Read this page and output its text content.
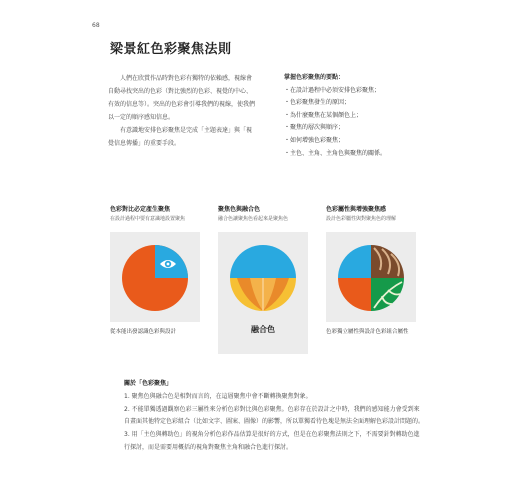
68
梁景紅色彩聚焦法則

人們在欣賞作品時對色彩有獨特的依賴感，視線會自動尋找突出的色彩（對比強烈的色彩、視覺的中心、有效的信息等）。突出的色彩會引導我們的視線，使我們以一定的順序感知信息。

有意識地安排色彩聚焦是完成「主題表達」與「視覺信息傳播」的重要手段。

掌握色彩聚焦的要點：
・在設計過程中必須安排色彩聚焦；
・色彩聚焦發生的原因；
・為什麼聚焦在某個顏色上；
・聚焦的層次與順序；
・如何增強色彩聚焦；
・主色、主角、主角色與聚焦的關係。
色彩對比必定產生聚焦
在設計過程中要有意識地設置聚焦
從本能出發認識色彩與設計
聚焦色與融合色
融合色讓聚焦色看起來是聚焦色
融合色
色彩屬性與增強聚焦感
設計色彩屬性與對聚焦色的理解
色彩獨立屬性與設計色彩組合屬性
關於「色彩聚焦」

1. 聚焦色與融合色是相對而言的，在這層聚焦中會不斷轉換聚焦對象。

2. 不能單獨透過觀察色彩三屬性來分析色彩對比與色彩聚焦。色彩存在於設計之中時，我們的感知能力會受到來自畫面其他特定色彩組合（比如文字、圖案、圖像）的影響，所以單獨看待色塊是無法全面理解色彩設計問題的。

3. 用「主色與轉助色」的視角分析色彩作品估算是很好的方式，但是在色彩聚焦法則之下，不需要針對轉助色進行探討，而是需要用概括的視角對聚焦主角和融合色進行探討。
